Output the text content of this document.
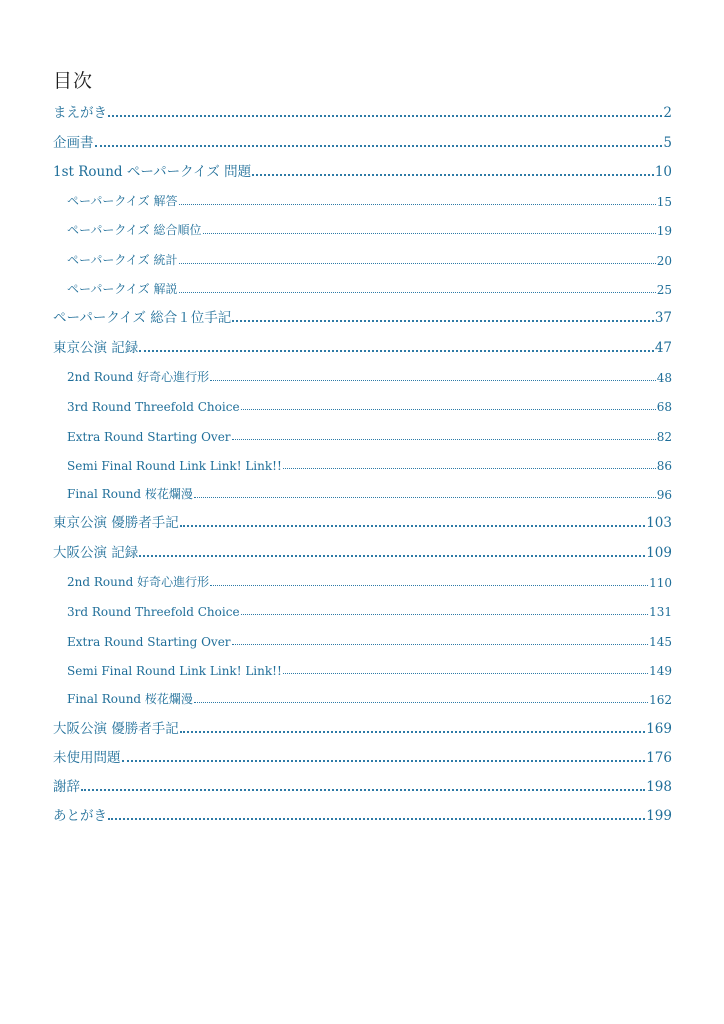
目次
まえがき	2
企画書	5
1st Round ペーパークイズ 問題	10
ペーパークイズ 解答	15
ペーパークイズ 総合順位	19
ペーパークイズ 統計	20
ペーパークイズ 解説	25
ペーパークイズ 総合１位手記	37
東京公演 記録	47
2nd Round 好奇心進行形	48
3rd Round Threefold Choice	68
Extra Round Starting Over	82
Semi Final Round Link Link! Link!!	86
Final Round 桜花爛漫	96
東京公演 優勝者手記	103
大阪公演 記録	109
2nd Round 好奇心進行形	110
3rd Round Threefold Choice	131
Extra Round Starting Over	145
Semi Final Round Link Link! Link!!	149
Final Round 桜花爛漫	162
大阪公演 優勝者手記	169
未使用問題	176
謝辞	198
あとがき	199
